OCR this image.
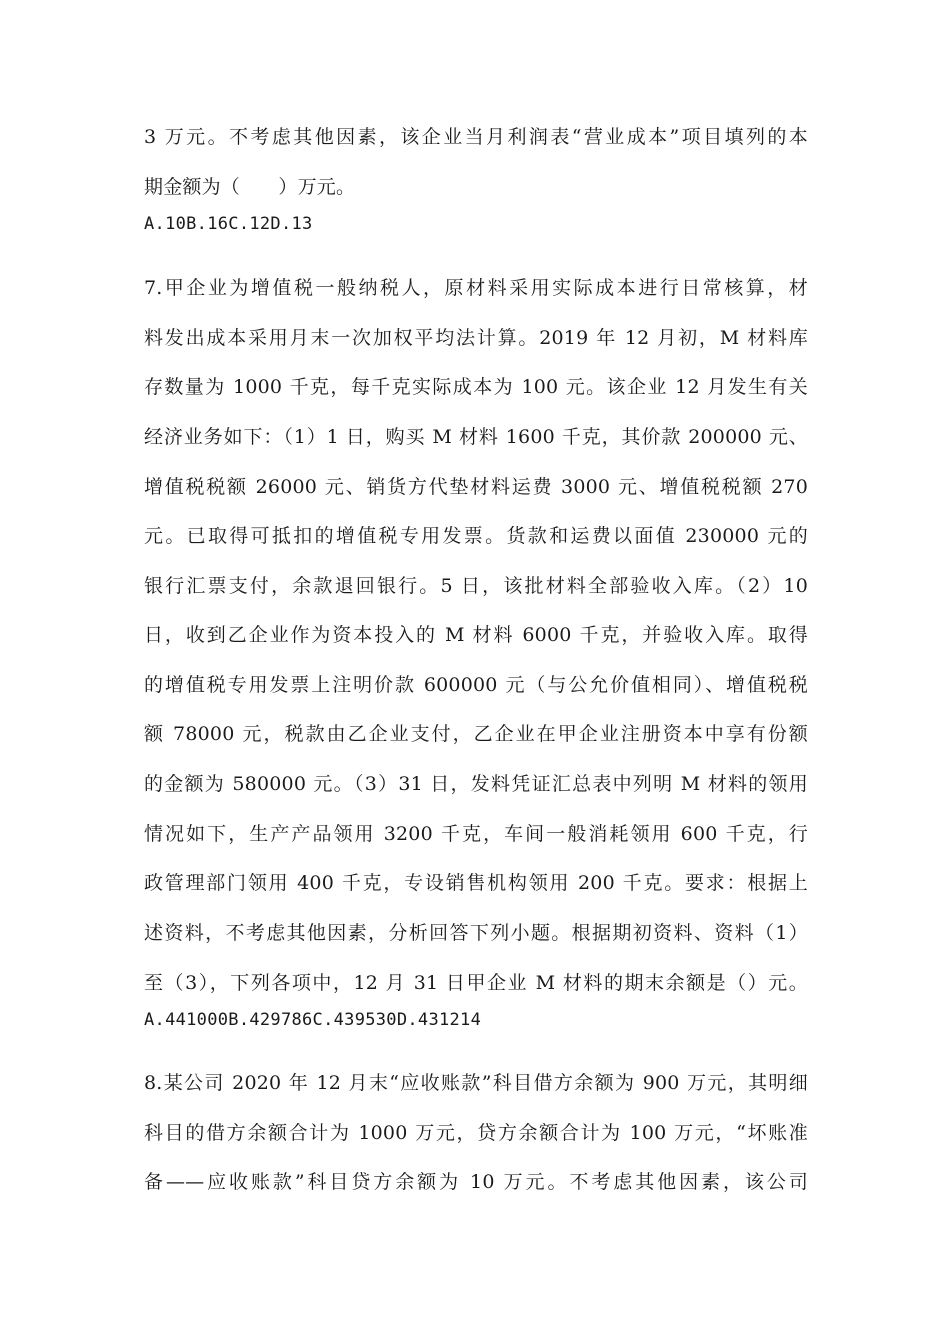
3 万元。不考虑其他因素，该企业当月利润表“营业成本”项目填列的本
期金额为（　　）万元。
A.10B.16C.12D.13
7.甲企业为增值税一般纳税人，原材料采用实际成本进行日常核算，材
料发出成本采用月末一次加权平均法计算。2019 年 12 月初，M 材料库
存数量为 1000 千克，每千克实际成本为 100 元。该企业 12 月发生有关
经济业务如下：（1）1 日，购买 M 材料 1600 千克，其价款 200000 元、
增值税税额 26000 元、销货方代垫材料运费 3000 元、增值税税额 270
元。已取得可抵扣的增值税专用发票。货款和运费以面值 230000 元的
银行汇票支付，余款退回银行。5 日，该批材料全部验收入库。（2）10
日，收到乙企业作为资本投入的 M 材料 6000 千克，并验收入库。取得
的增值税专用发票上注明价款 600000 元（与公允价值相同）、增值税税
额 78000 元，税款由乙企业支付，乙企业在甲企业注册资本中享有份额
的金额为 580000 元。（3）31 日，发料凭证汇总表中列明 M 材料的领用
情况如下，生产产品领用 3200 千克，车间一般消耗领用 600 千克，行
政管理部门领用 400 千克，专设销售机构领用 200 千克。要求：根据上
述资料，不考虑其他因素，分析回答下列小题。根据期初资料、资料（1）
至（3），下列各项中，12 月 31 日甲企业 M 材料的期末余额是（）元。
A.441000B.429786C.439530D.431214
8.某公司 2020 年 12 月末“应收账款”科目借方余额为 900 万元，其明细
科目的借方余额合计为 1000 万元，贷方余额合计为 100 万元，“坏账准
备——应收账款”科目贷方余额为 10 万元。不考虑其他因素，该公司
